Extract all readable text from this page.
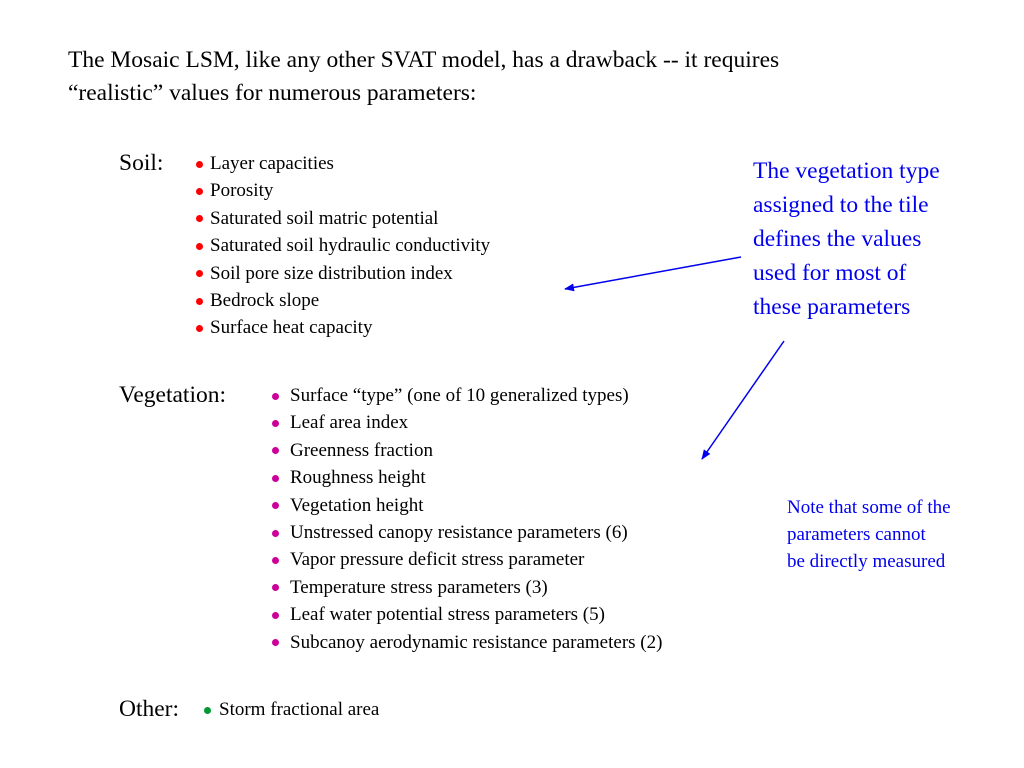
The Mosaic LSM, like any other SVAT model, has a drawback -- it requires
“realistic” values for numerous parameters:
Soil: Layer capacities
Porosity
Saturated soil matric potential
Saturated soil hydraulic conductivity
Soil pore size distribution index
Bedrock slope
Surface heat capacity
Vegetation:	Surface “type” (one of 10 generalized types)
Leaf area index
Greenness fraction
Roughness height
Vegetation height
Unstressed canopy resistance parameters (6)
Vapor pressure deficit stress parameter
Temperature stress parameters (3)
Leaf water potential stress parameters (5)
Subcanoy aerodynamic resistance parameters (2)
Other: Storm fractional area
The vegetation type
assigned to the tile
defines the values
used for most of
these parameters
Note that some of the
parameters cannot
be directly measured
